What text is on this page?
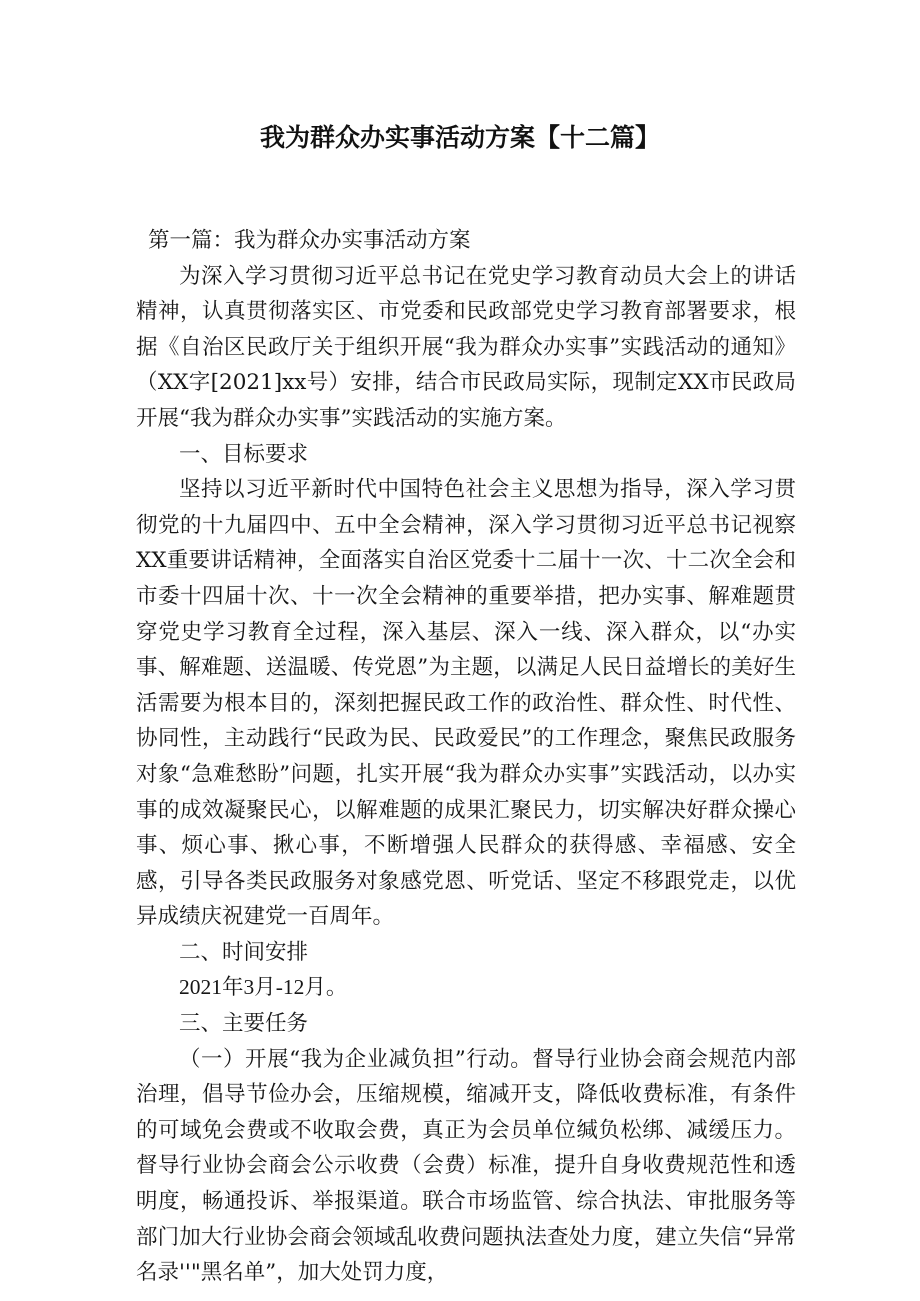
我为群众办实事活动方案【十二篇】

第一篇：我为群众办实事活动方案

为深入学习贯彻习近平总书记在党史学习教育动员大会上的讲话精神，认真贯彻落实区、市党委和民政部党史学习教育部署要求，根据《自治区民政厅关于组织开展“我为群众办实事”实践活动的通知》（XX字[2021]xx号）安排，结合市民政局实际，现制定XX市民政局开展“我为群众办实事”实践活动的实施方案。

一、目标要求

坚持以习近平新时代中国特色社会主义思想为指导，深入学习贯彻党的十九届四中、五中全会精神，深入学习贯彻习近平总书记视察XX重要讲话精神，全面落实自治区党委十二届十一次、十二次全会和市委十四届十次、十一次全会精神的重要举措，把办实事、解难题贯穿党史学习教育全过程，深入基层、深入一线、深入群众，以“办实事、解难题、送温暖、传党恩”为主题，以满足人民日益增长的美好生活需要为根本目的，深刻把握民政工作的政治性、群众性、时代性、协同性，主动践行“民政为民、民政爱民”的工作理念，聚焦民政服务对象“急难愁盼”问题，扎实开展“我为群众办实事”实践活动，以办实事的成效凝聚民心，以解难题的成果汇聚民力，切实解决好群众操心事、烦心事、揪心事，不断增强人民群众的获得感、幸福感、安全感，引导各类民政服务对象感党恩、听党话、坚定不移跟党走，以优异成绩庆祝建党一百周年。

二、时间安排

2021年3月-12月。

三、主要任务

（一）开展“我为企业减负担”行动。督导行业协会商会规范内部治理，倡导节俭办会，压缩规模，缩减开支，降低收费标准，有条件的可域免会费或不收取会费，真正为会员单位缄负松绑、减缓压力。督导行业协会商会公示收费（会费）标准，提升自身收费规范性和透明度，畅通投诉、举报渠道。联合市场监管、综合执法、审批服务等部门加大行业协会商会领域乱收费问题执法查处力度，建立失信“异常名录''"黑名单”，加大处罚力度，
